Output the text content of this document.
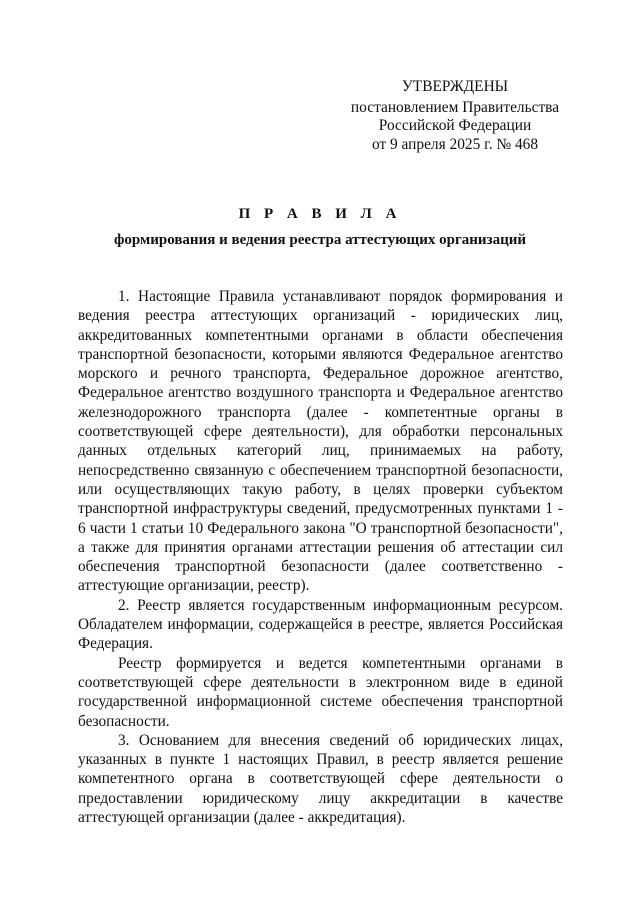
УТВЕРЖДЕНЫ
постановлением Правительства
Российской Федерации
от 9 апреля 2025 г. № 468
П Р А В И Л А
формирования и ведения реестра аттестующих организаций

1. Настоящие Правила устанавливают порядок формирования и ведения реестра аттестующих организаций - юридических лиц, аккредитованных компетентными органами в области обеспечения транспортной безопасности, которыми являются Федеральное агентство морского и речного транспорта, Федеральное дорожное агентство, Федеральное агентство воздушного транспорта и Федеральное агентство железнодорожного транспорта (далее - компетентные органы в соответствующей сфере деятельности), для обработки персональных данных отдельных категорий лиц, принимаемых на работу, непосредственно связанную с обеспечением транспортной безопасности, или осуществляющих такую работу, в целях проверки субъектом транспортной инфраструктуры сведений, предусмотренных пунктами 1 - 6 части 1 статьи 10 Федерального закона "О транспортной безопасности", а также для принятия органами аттестации решения об аттестации сил обеспечения транспортной безопасности (далее соответственно - аттестующие организации, реестр).

2. Реестр является государственным информационным ресурсом. Обладателем информации, содержащейся в реестре, является Российская Федерация.

Реестр формируется и ведется компетентными органами в соответствующей сфере деятельности в электронном виде в единой государственной информационной системе обеспечения транспортной безопасности.

3. Основанием для внесения сведений об юридических лицах, указанных в пункте 1 настоящих Правил, в реестр является решение компетентного органа в соответствующей сфере деятельности о предоставлении юридическому лицу аккредитации в качестве аттестующей организации (далее - аккредитация).
